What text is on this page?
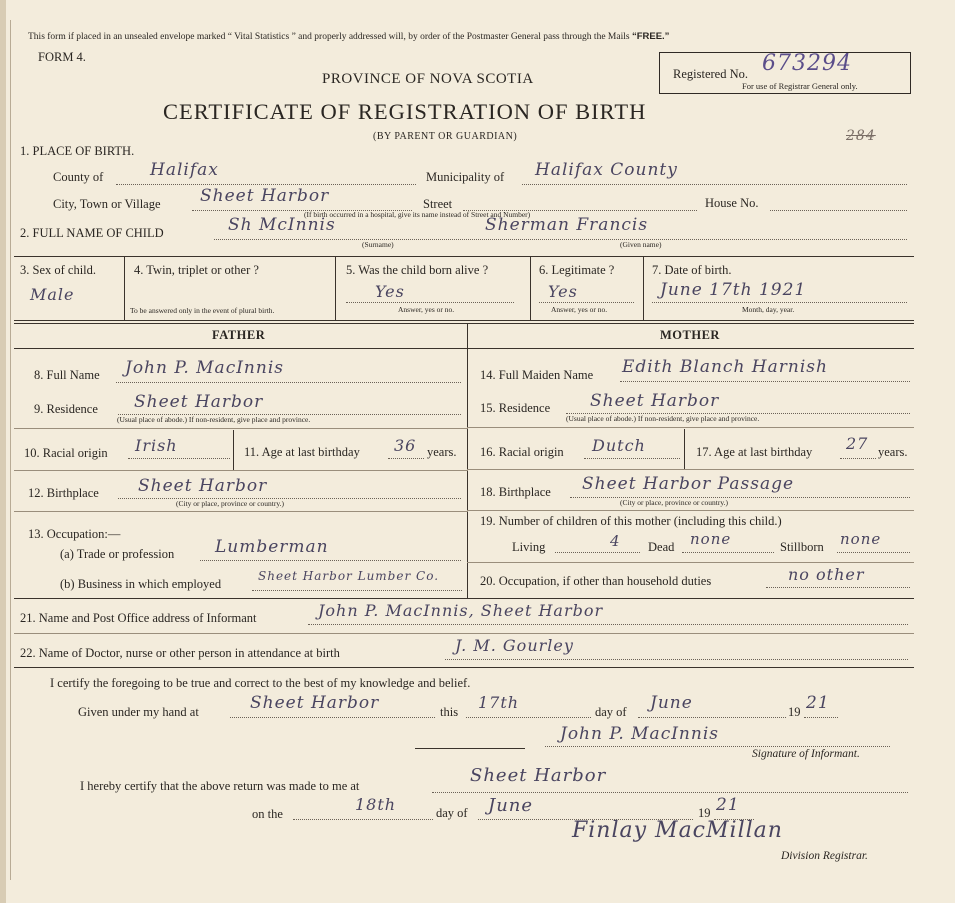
This form if placed in an unsealed envelope marked “ Vital Statistics ” and properly addressed will, by order of the Postmaster General pass through the Mails “FREE.”
FORM 4.
PROVINCE OF NOVA SCOTIA
CERTIFICATE OF REGISTRATION OF BIRTH
(BY PARENT OR GUARDIAN)
Registered No. 673294
For use of Registrar General only.
284
1. PLACE OF BIRTH.
County of	Halifax	Municipality of Halifax County
City, Town or Village Sheet Harbor	Street	House No.
(If birth occurred in a hospital, give its name instead of Street and Number)
2. FULL NAME OF CHILD	Sh McInnis	Sherman Francis
(Surname)	(Given name)
3. Sex of child.
Male
4. Twin, triplet or other ?
To be answered only in the event of plural birth.
5. Was the child born alive ?
Yes
Answer, yes or no.
6. Legitimate ?
Yes
Answer, yes or no.
7. Date of birth.
June 17th 1921
Month, day, year.
FATHER	MOTHER
8. Full Name John P. MacInnis
9. Residence Sheet Harbor
(Usual place of abode.) If non-resident, give place and province.
10. Racial origin Irish	11. Age at last birthday 36 years.
12. Birthplace Sheet Harbor
(City or place, province or country.)
13. Occupation:—
(a) Trade or profession Lumberman
(b) Business in which employed
Sheet Harbor Lumber Co.
14. Full Maiden Name Edith Blanch Harnish
15. Residence Sheet Harbor
(Usual place of abode.) If non-resident, give place and province.
16. Racial origin Dutch	17. Age at last birthday 27 years.
18. Birthplace Sheet Harbor Passage
(City or place, province or country.)
19. Number of children of this mother (including this child.)
Living	4 Dead none	Stillborn none
20. Occupation, if other than household duties	no other
21. Name and Post Office address of Informant	John P. MacInnis, Sheet Harbor
22. Name of Doctor, nurse or other person in attendance at birth	J. M. Gourley
I certify the foregoing to be true and correct to the best of my knowledge and belief.
Given under my hand at	Sheet Harbor	this 17th	day of June	19 21
John P. MacInnis
Signature of Informant.
I hereby certify that the above return was made to me at	Sheet Harbor
on the	18th	day of June	19 21
Finlay MacMillan
Division Registrar.
